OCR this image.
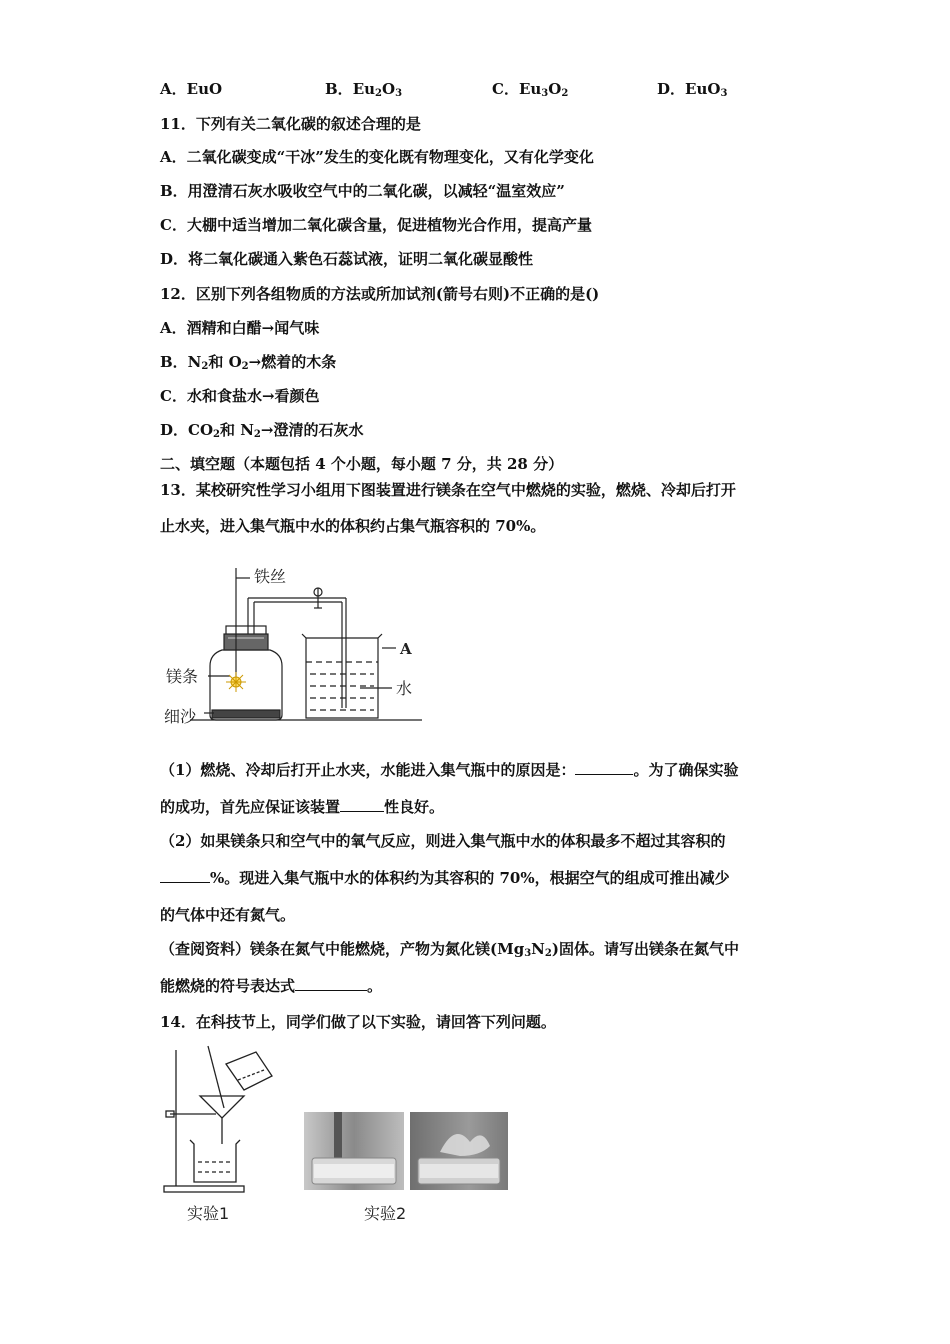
A．EuO	B．$Eu_2O_3$	C．$Eu_3O_2$	D．EuO$_3$
11．下列有关二氧化碳的叙述合理的是
A．二氧化碳变成“干冰”发生的变化既有物理变化，又有化学变化
B．用澄清石灰水吸收空气中的二氧化碳，以减轻“温室效应”
C．大棚中适当增加二氧化碳含量，促进植物光合作用，提高产量
D．将二氧化碳通入紫色石蕊试液，证明二氧化碳显酸性
12．区别下列各组物质的方法或所加试剂(箭号右则)不正确的是()
A．酒精和白醋→闻气味
B．$N_2$和 $O_2\to$燃着的木条
C．水和食盐水→看颜色
D．$CO_2$和 $N_2\to$澄清的石灰水
二、填空题（本题包括 4 个小题，每小题 7 分，共 28 分）
13．某校研究性学习小组用下图装置进行镁条在空气中燃烧的实验，燃烧、冷却后打开
止水夹，进入集气瓶中水的体积约占集气瓶容积的 70%。
铁丝
镁条
细沙
A
水
（1）燃烧、冷却后打开止水夹，水能进入集气瓶中的原因是：	。为了确保实验
的成功，首先应保证该装置	性良好。
（2）如果镁条只和空气中的氧气反应，则进入集气瓶中水的体积最多不超过其容积的
%。现进入集气瓶中水的体积约为其容积的 70%，根据空气的组成可推出减少
的气体中还有氮气。
（查阅资料）镁条在氮气中能燃烧，产物为氮化镁$(Mg_3N_2)$固体。请写出镁条在氮气中
能燃烧的符号表达式	。
14．在科技节上，同学们做了以下实验，请回答下列问题。
实验1	实验2
